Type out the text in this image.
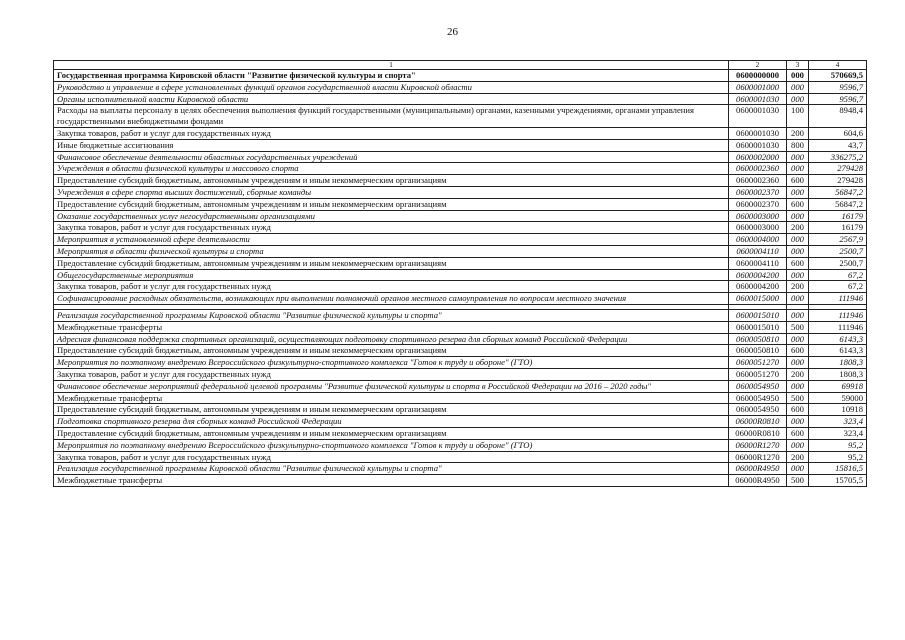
26
1	2	3	4
Государственная программа Кировской области "Развитие физической культуры и спорта"	0600000000	000	570669,5
Руководство и управление в сфере установленных функций органов государственной власти Кировской области	0600001000	000	9596,7
Органы исполнительной власти Кировской области	0600001030	000	9596,7
Расходы на выплаты персоналу в целях обеспечения выполнения функций государственными (муниципальными) органами, казенными учреждениями, органами управления государственными внебюджетными фондами	0600001030	100	8948,4
Закупка товаров, работ и услуг для государственных нужд	0600001030	200	604,6
Иные бюджетные ассигнования	0600001030	800	43,7
Финансовое обеспечение деятельности областных государственных учреждений	0600002000	000	336275,2
Учреждения в области физической культуры и массового спорта	0600002360	000	279428
Предоставление субсидий бюджетным, автономным учреждениям и иным некоммерческим организациям	0600002360	600	279428
Учреждения в сфере спорта высших достижений, сборные команды	0600002370	000	56847,2
Предоставление субсидий бюджетным, автономным учреждениям и иным некоммерческим организациям	0600002370	600	56847,2
Оказание государственных услуг негосударственными организациями	0600003000	000	16179
Закупка товаров, работ и услуг для государственных нужд	0600003000	200	16179
Мероприятия в установленной сфере деятельности	0600004000	000	2567,9
Мероприятия в области физической культуры и спорта	0600004110	000	2500,7
Предоставление субсидий бюджетным, автономным учреждениям и иным некоммерческим организациям	0600004110	600	2500,7
Общегосударственные мероприятия	0600004200	000	67,2
Закупка товаров, работ и услуг для государственных нужд	0600004200	200	67,2
Софинансирование расходных обязательств, возникающих при выполнении полномочий органов местного самоуправления по вопросам местного значения	0600015000	000	111946

Реализация государственной программы Кировской области "Развитие физической культуры и спорта"	0600015010	000	111946
Межбюджетные трансферты	0600015010	500	111946
Адресная финансовая поддержка спортивных организаций, осуществляющих подготовку спортивного резерва для сборных команд Российской Федерации	0600050810	000	6143,3
Предоставление субсидий бюджетным, автономным учреждениям и иным некоммерческим организациям	0600050810	600	6143,3
Мероприятия по поэтапному внедрению Всероссийского физкультурно-спортивного комплекса "Готов к труду и обороне" (ГТО)	0600051270	000	1808,3
Закупка товаров, работ и услуг для государственных нужд	0600051270	200	1808,3
Финансовое обеспечение мероприятий федеральной целевой программы "Развитие физической культуры и спорта в Российской Федерации на 2016 – 2020 годы"	0600054950	000	69918
Межбюджетные трансферты	0600054950	500	59000
Предоставление субсидий бюджетным, автономным учреждениям и иным некоммерческим организациям	0600054950	600	10918
Подготовка спортивного резерва для сборных команд Российской Федерации	06000R0810	000	323,4
Предоставление субсидий бюджетным, автономным учреждениям и иным некоммерческим организациям	06000R0810	600	323,4
Мероприятия по поэтапному внедрению Всероссийского физкультурно-спортивного комплекса "Готов к труду и обороне" (ГТО)	06000R1270	000	95,2
Закупка товаров, работ и услуг для государственных нужд	06000R1270	200	95,2
Реализация государственной программы Кировской области "Развитие физической культуры и спорта"	06000R4950	000	15816,5
Межбюджетные трансферты	06000R4950	500	15705,5
